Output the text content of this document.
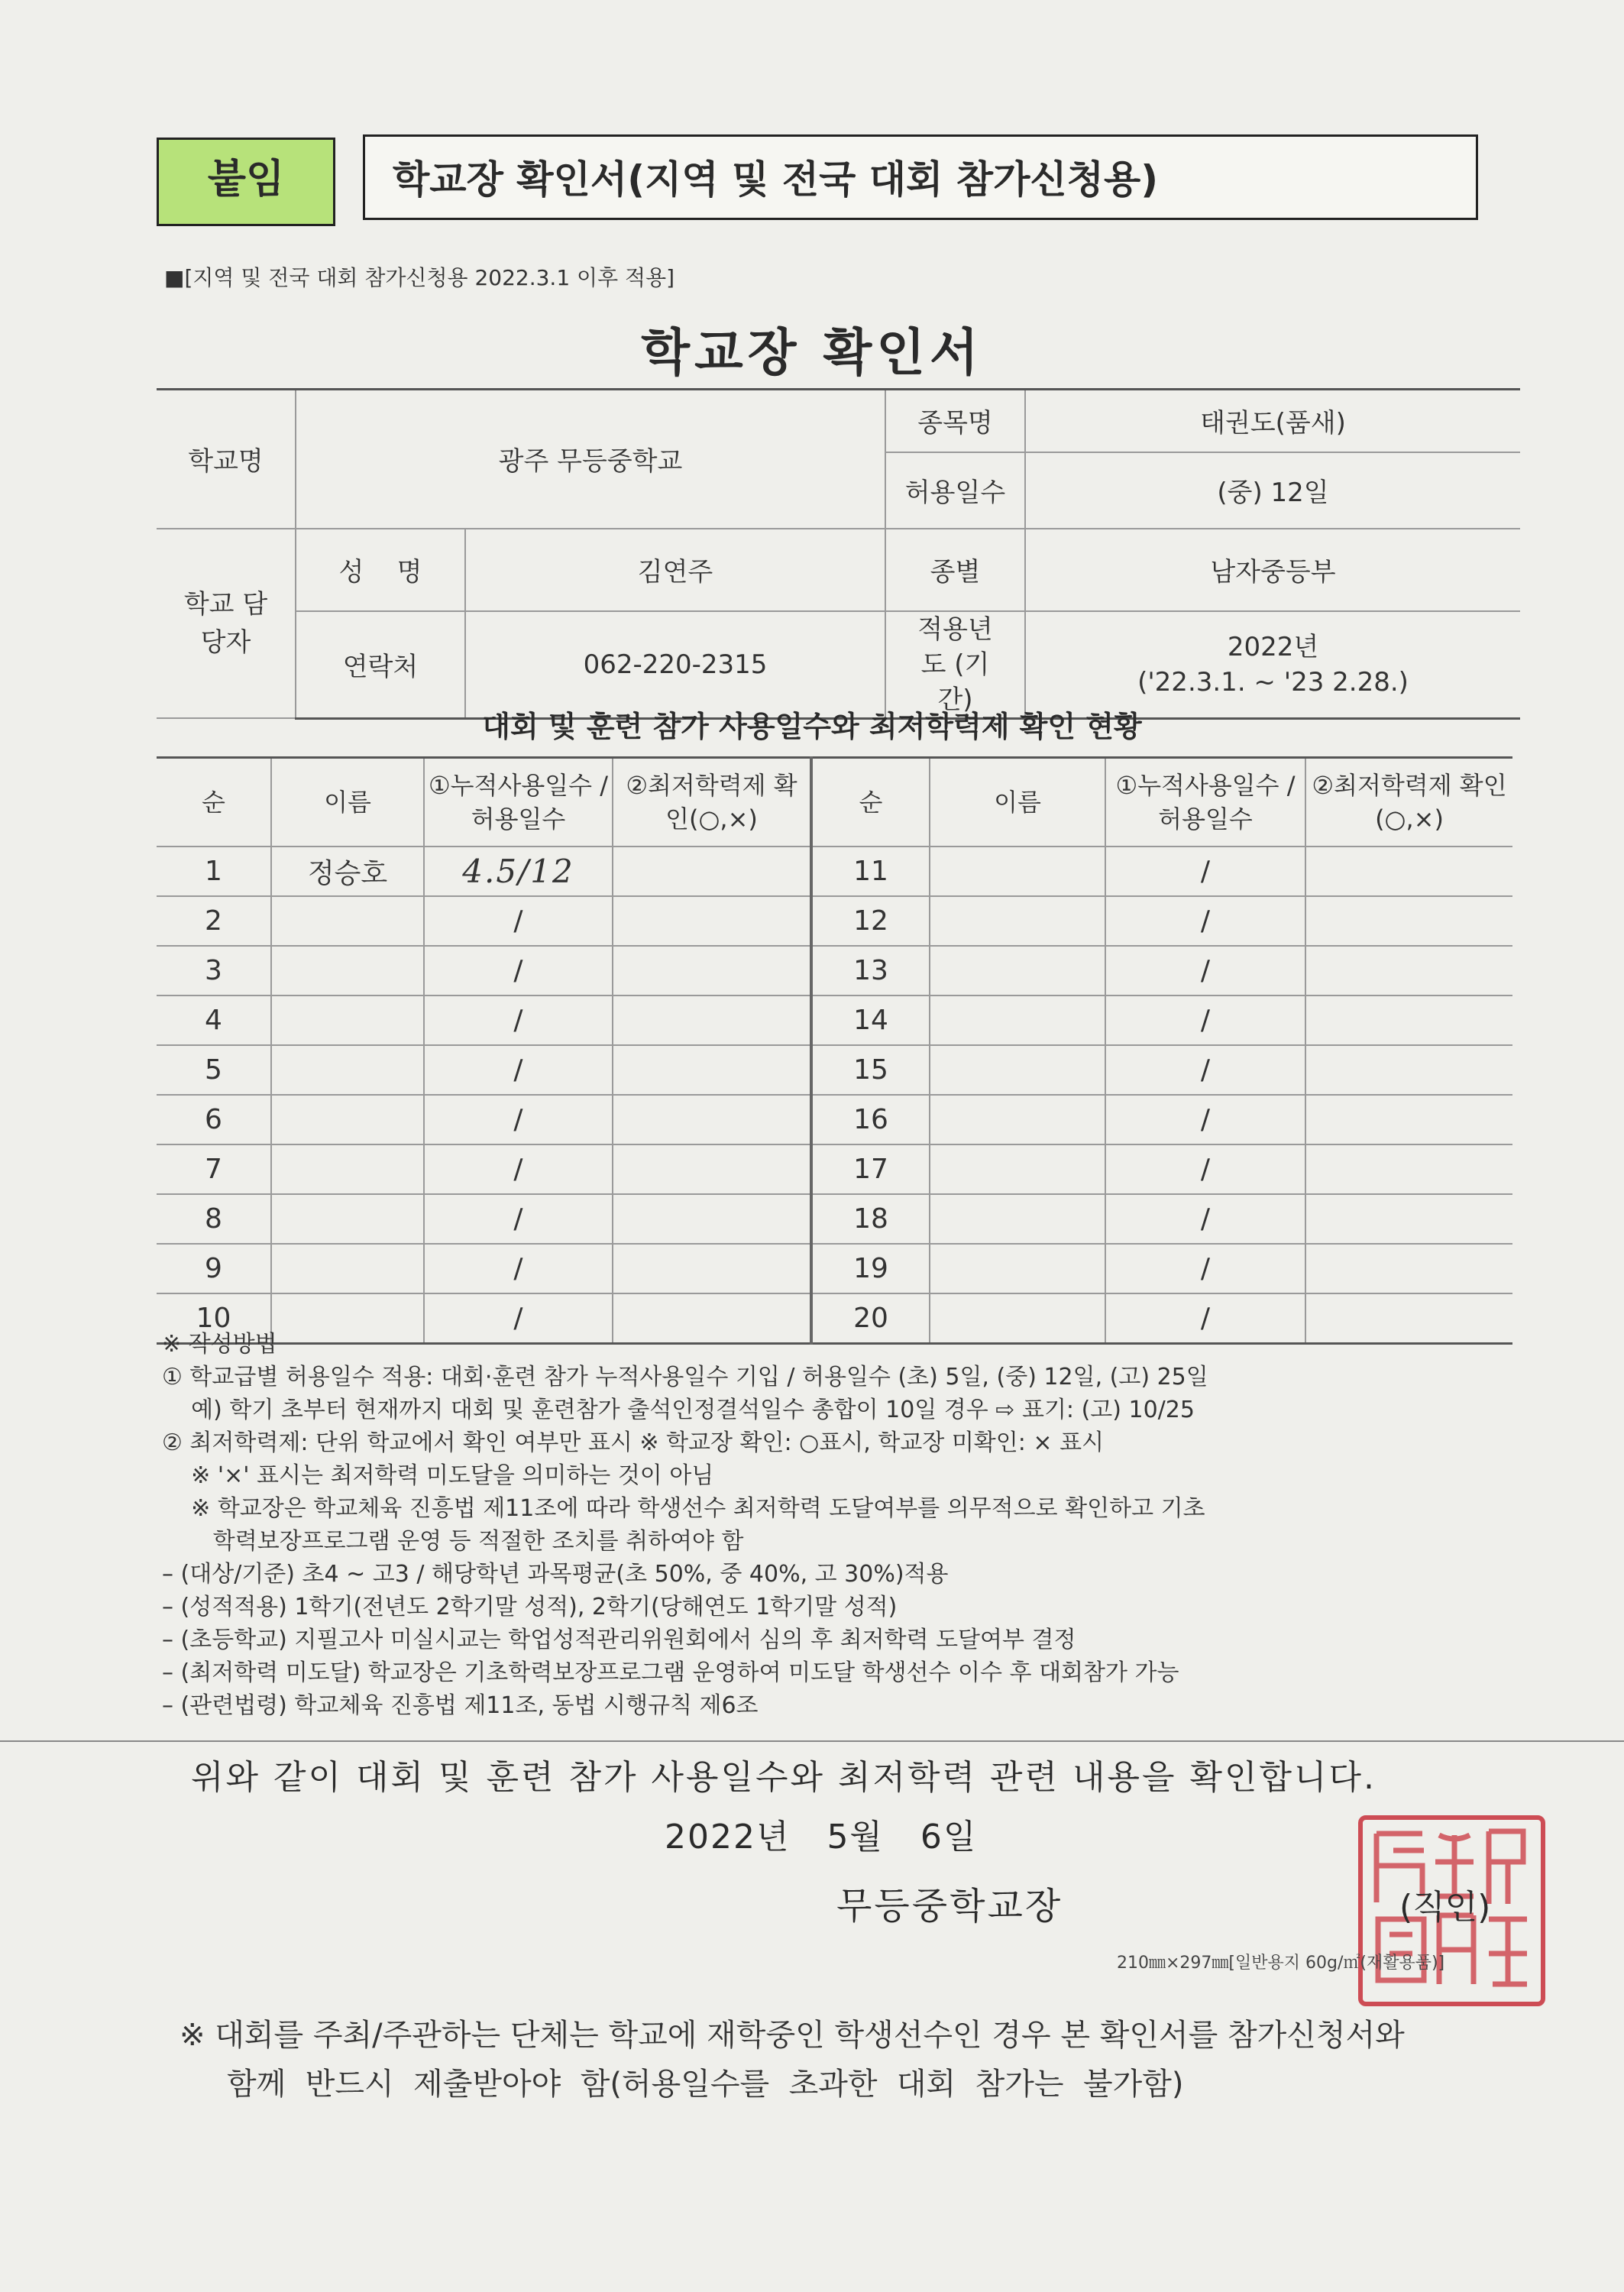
붙임	학교장 확인서(지역 및 전국 대회 참가신청용)
■[지역 및 전국 대회 참가신청용 2022.3.1 이후 적용]
학교장 확인서
학교명	광주 무등중학교		종목명	태권도(품새)
			허용일수	(중) 12일
학교 담당자	성    명	김연주	종별	남자중등부
	연락처	062-220-2315	적용년도 (기간)	2022년
('22.3.1. ~ '23 2.28.)
대회 및 훈련 참가 사용일수와 최저학력제 확인 현황
순	이름	①누적사용일수 /허용일수	②최저학력제 확인(○,×)	순	이름	①누적사용일수 /허용일수	②최저학력제 확인(○,×)
1	정승호	4.5/12		11		/	
2		/		12		/	
3		/		13		/	
4		/		14		/	
5		/		15		/	
6		/		16		/	
7		/		17		/	
8		/		18		/	
9		/		19		/	
10		/		20		/	

※ 작성방법

① 학교급별 허용일수 적용: 대회·훈련 참가 누적사용일수 기입 / 허용일수 (초) 5일, (중) 12일, (고) 25일

예) 학기 초부터 현재까지 대회 및 훈련참가 출석인정결석일수 총합이 10일 경우 ⇨ 표기: (고) 10/25

② 최저학력제: 단위 학교에서 확인 여부만 표시 ※ 학교장 확인: ○표시, 학교장 미확인: × 표시

※ '×' 표시는 최저학력 미도달을 의미하는 것이 아님

※ 학교장은 학교체육 진흥법 제11조에 따라 학생선수 최저학력 도달여부를 의무적으로 확인하고 기초

학력보장프로그램 운영 등 적절한 조치를 취하여야 함

– (대상/기준) 초4 ~ 고3 / 해당학년 과목평균(초 50%, 중 40%, 고 30%)적용

– (성적적용) 1학기(전년도 2학기말 성적), 2학기(당해연도 1학기말 성적)

– (초등학교) 지필고사 미실시교는 학업성적관리위원회에서 심의 후 최저학력 도달여부 결정

– (최저학력 미도달) 학교장은 기초학력보장프로그램 운영하여 미도달 학생선수 이수 후 대회참가 가능

– (관련법령) 학교체육 진흥법 제11조, 동법 시행규칙 제6조

위와 같이 대회 및 훈련 참가 사용일수와 최저학력 관련 내용을 확인합니다.
2022년   5월   6일
무등중학교장	(직인)
210㎜×297㎜[일반용지 60g/㎡(재활용품)]

※ 대회를 주최/주관하는 단체는 학교에 재학중인 학생선수인 경우 본 확인서를 참가신청서와

함께  반드시  제출받아야  함(허용일수를  초과한  대회  참가는  불가함)
